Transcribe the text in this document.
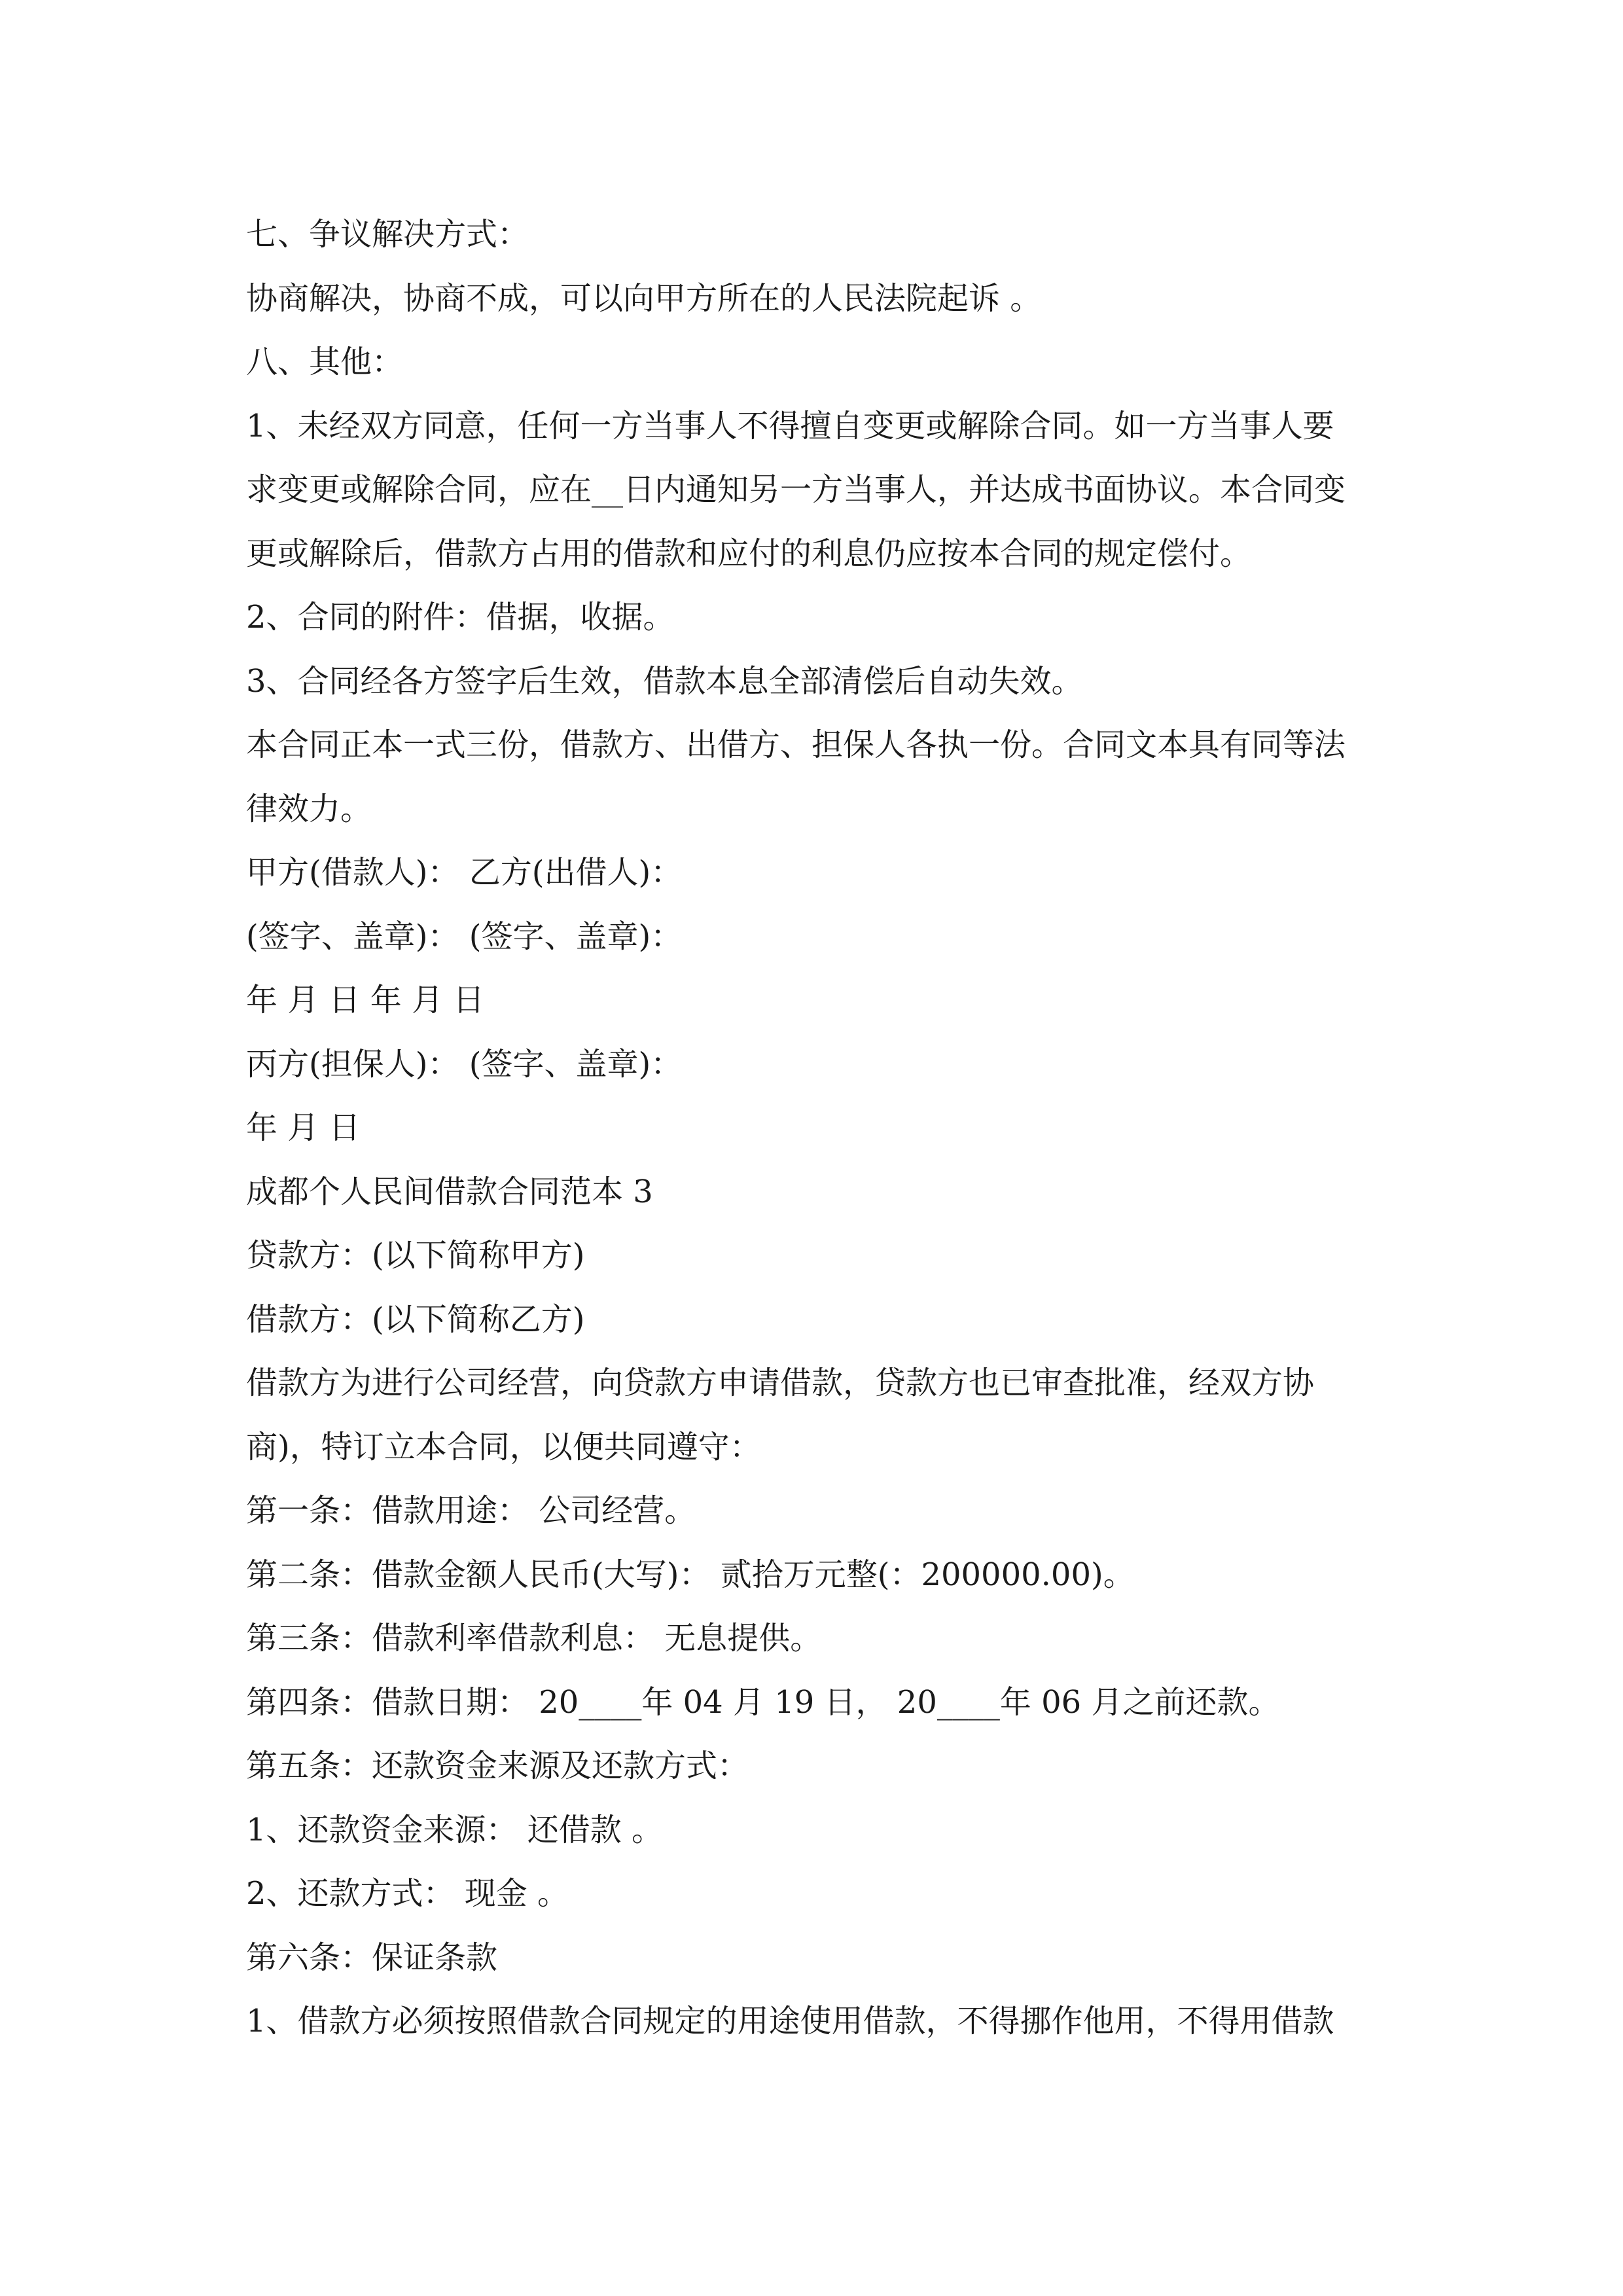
七、争议解决方式：
协商解决，协商不成，可以向甲方所在的人民法院起诉 。
八、其他：
1、未经双方同意，任何一方当事人不得擅自变更或解除合同。如一方当事人要
求变更或解除合同，应在__日内通知另一方当事人，并达成书面协议。本合同变
更或解除后，借款方占用的借款和应付的利息仍应按本合同的规定偿付。
2、合同的附件：借据，收据。
3、合同经各方签字后生效，借款本息全部清偿后自动失效。
本合同正本一式三份，借款方、出借方、担保人各执一份。合同文本具有同等法
律效力。
甲方(借款人)： 乙方(出借人)：
(签字、盖章)： (签字、盖章)：
年 月 日 年 月 日
丙方(担保人)： (签字、盖章)：
年 月 日
成都个人民间借款合同范本 3
贷款方：(以下简称甲方)
借款方：(以下简称乙方)
借款方为进行公司经营，向贷款方申请借款，贷款方也已审查批准，经双方协
商)，特订立本合同，以便共同遵守：
第一条：借款用途： 公司经营。
第二条：借款金额人民币(大写)： 贰拾万元整(：200000.00)。
第三条：借款利率借款利息： 无息提供。
第四条：借款日期： 20____年 04 月 19 日， 20____年 06 月之前还款。
第五条：还款资金来源及还款方式：
1、还款资金来源： 还借款 。
2、还款方式： 现金 。
第六条：保证条款
1、借款方必须按照借款合同规定的用途使用借款，不得挪作他用，不得用借款
